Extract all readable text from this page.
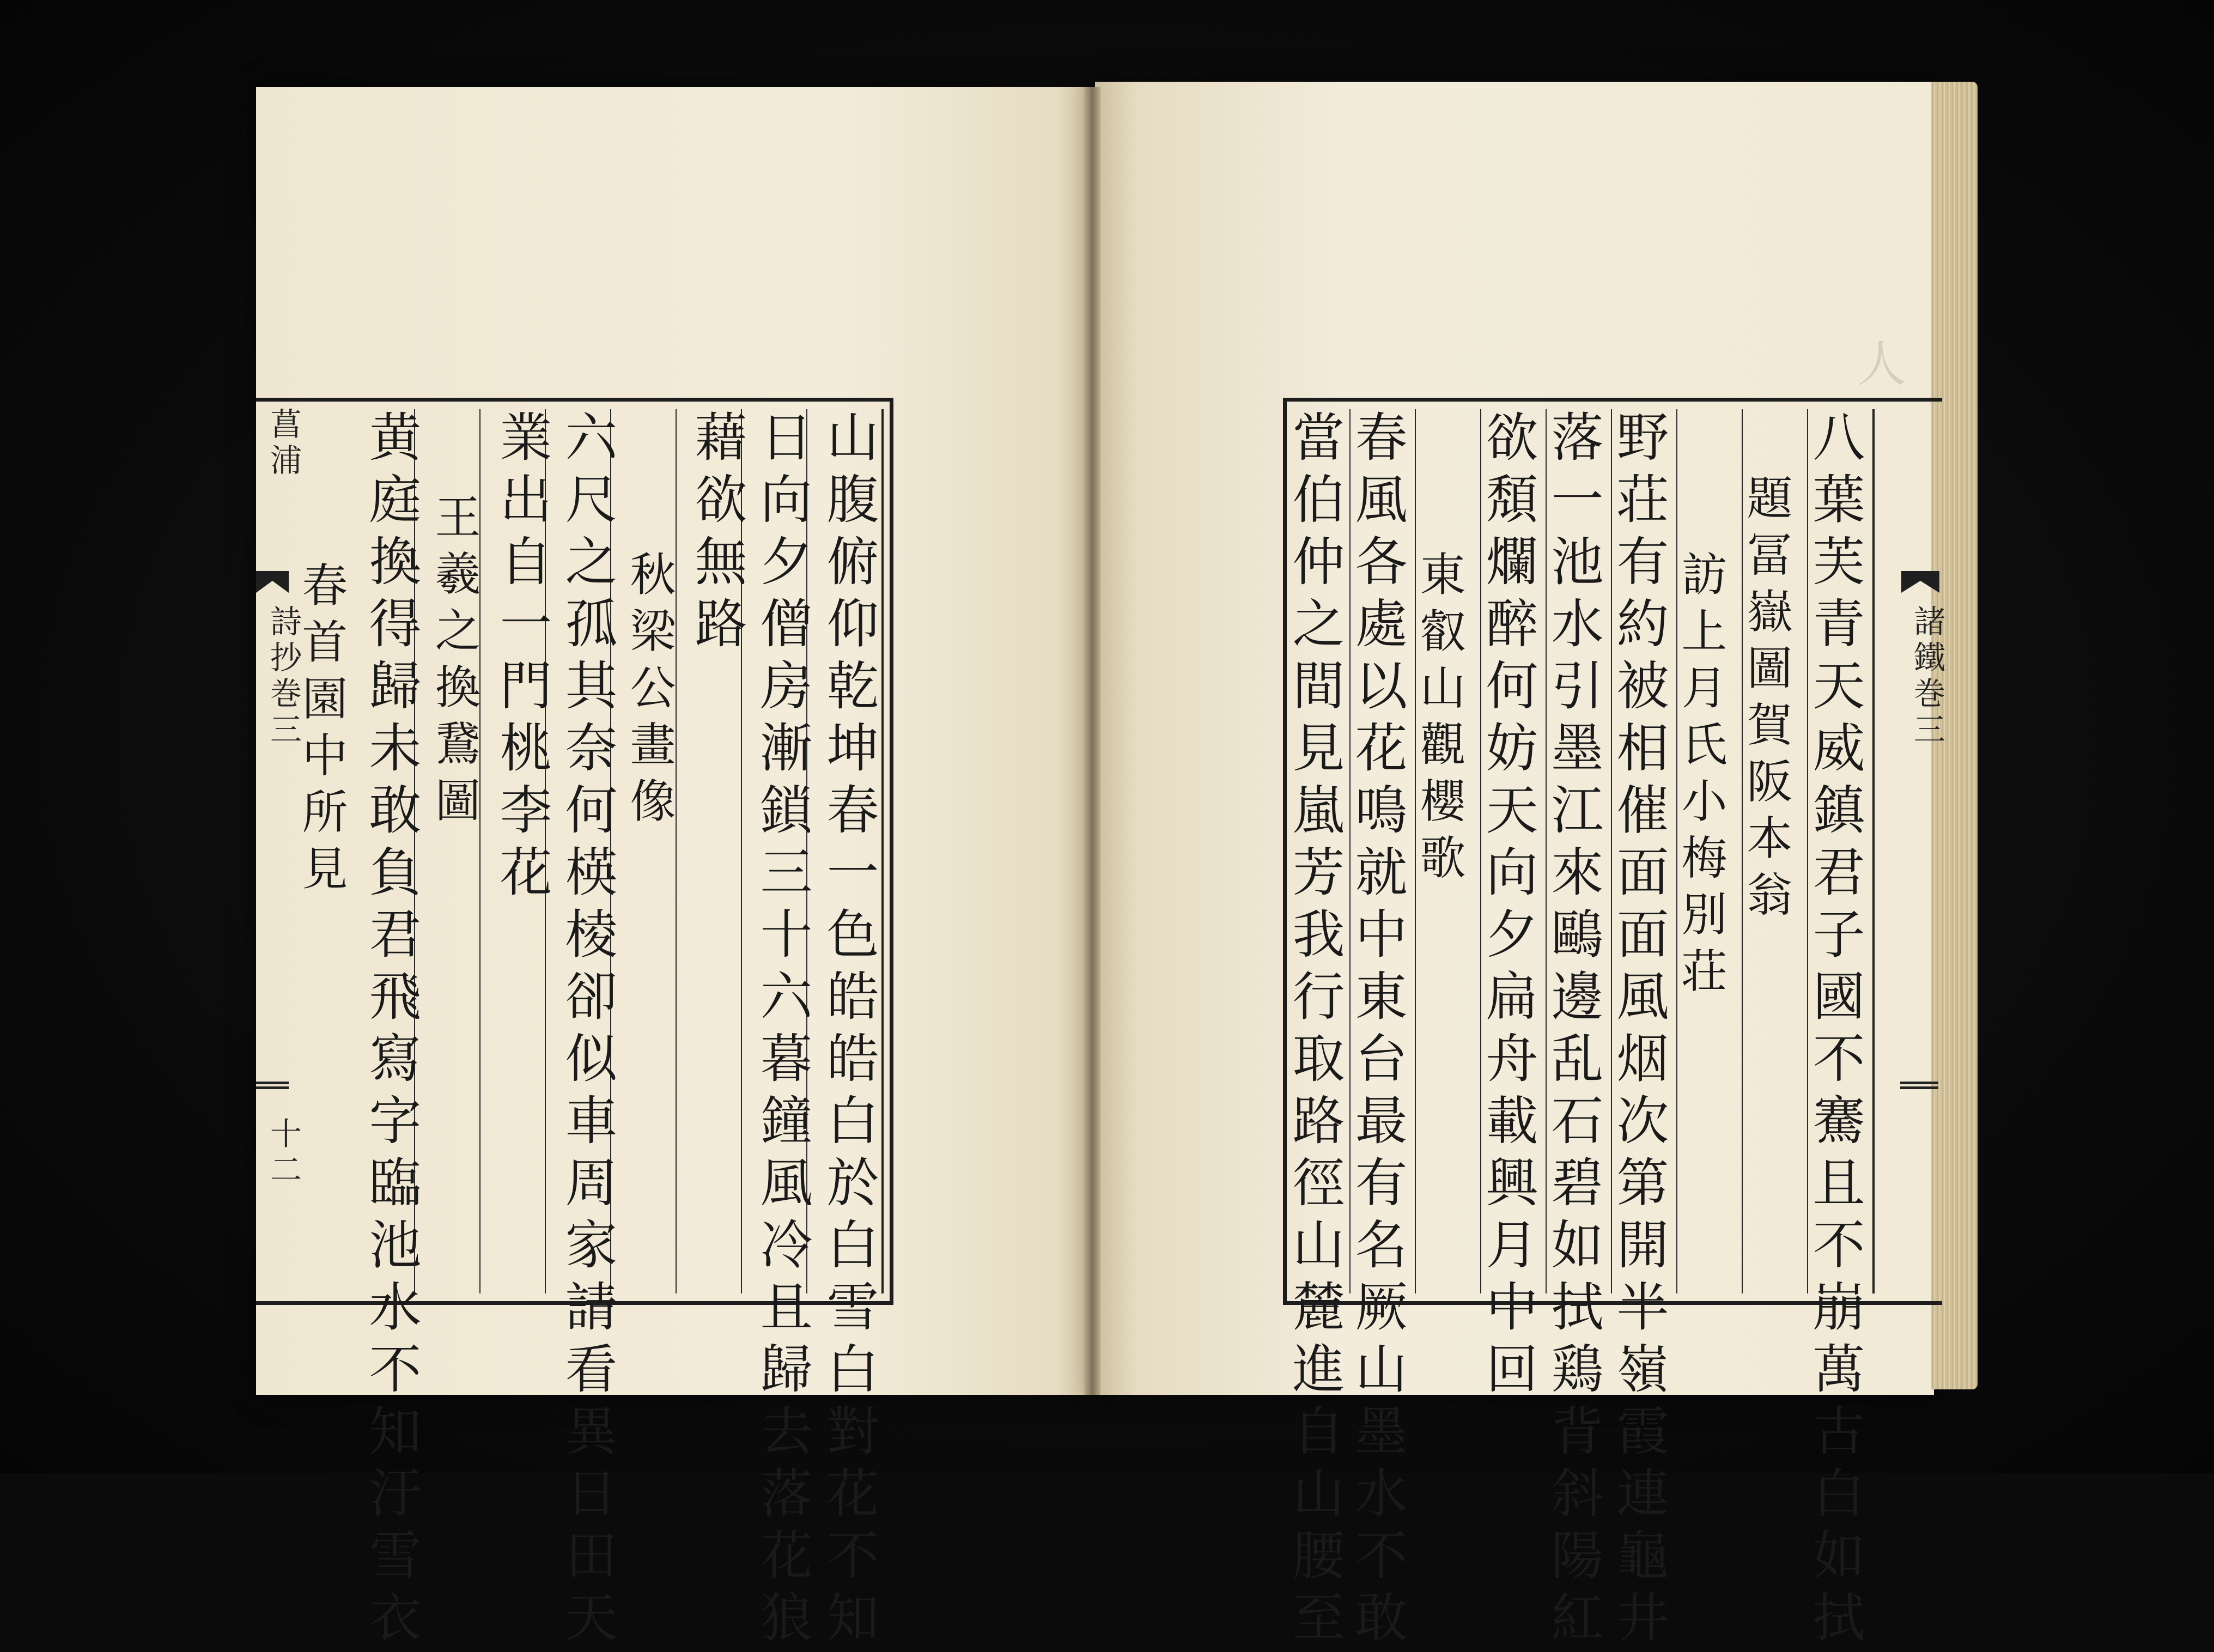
人
菖浦
詩抄巻三
十二	山腹俯仰乾坤春一色皓皓白於白雪白對花不知
日向夕僧房漸鎖三十六暮鐘風冷且歸去落花狼
藉欲無路
秋梁公畫像
六尺之孤其奈何楧棱卻似車周家請看異日田天
業出自一門桃李花
王羲之換鵞圖
黄庭換得歸未敢負君飛寫字臨池水不知汙雪衣
春首園中所見	諸鐵巻三
八葉芙青天威鎮君子國不騫且不崩萬古白如拭
題冨嶽圖賀阪本翁
訪上月氏小梅別荘
野荘有約被相催面面風烟次第開半嶺霞連龜井
落一池水引墨江來鷗邊乱石碧如拭鶏背斜陽紅
欲頽爛醉何妨天向夕扁舟載興月中回
東叡山觀櫻歌
春風各處以花鳴就中東台最有名厥山墨水不敢
當伯仲之間見嵐芳我行取路徑山麓進自山腰至
